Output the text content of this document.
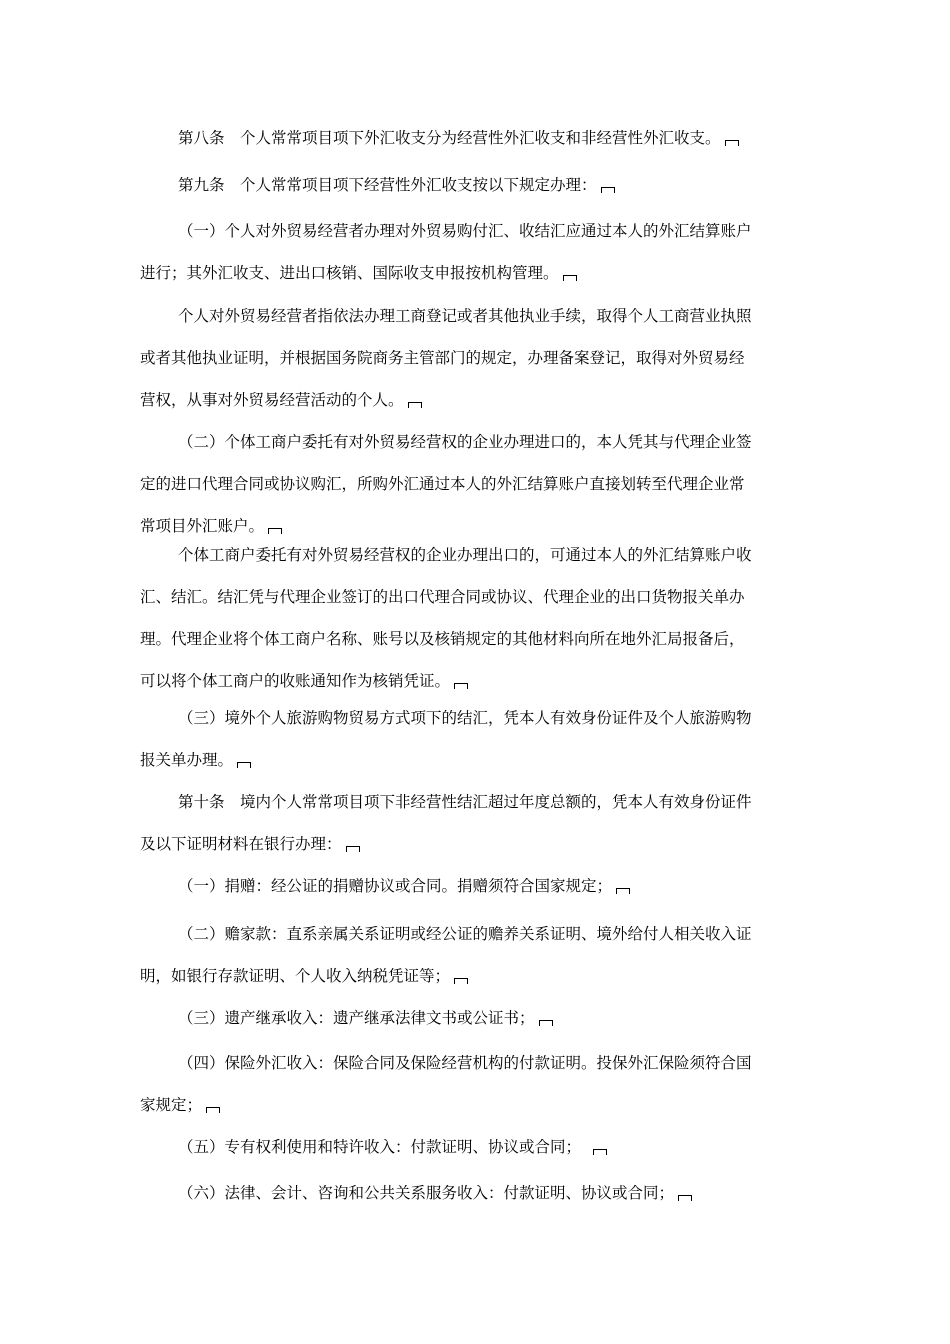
第八条　个人常常项目项下外汇收支分为经营性外汇收支和非经营性外汇收支。
第九条　个人常常项目项下经营性外汇收支按以下规定办理：
（一）个人对外贸易经营者办理对外贸易购付汇、收结汇应通过本人的外汇结算账户
进行；其外汇收支、进出口核销、国际收支申报按机构管理。
个人对外贸易经营者指依法办理工商登记或者其他执业手续，取得个人工商营业执照
或者其他执业证明，并根据国务院商务主管部门的规定，办理备案登记，取得对外贸易经
营权，从事对外贸易经营活动的个人。
（二）个体工商户委托有对外贸易经营权的企业办理进口的，本人凭其与代理企业签
定的进口代理合同或协议购汇，所购外汇通过本人的外汇结算账户直接划转至代理企业常
常项目外汇账户。
个体工商户委托有对外贸易经营权的企业办理出口的，可通过本人的外汇结算账户收
汇、结汇。结汇凭与代理企业签订的出口代理合同或协议、代理企业的出口货物报关单办
理。代理企业将个体工商户名称、账号以及核销规定的其他材料向所在地外汇局报备后，
可以将个体工商户的收账通知作为核销凭证。
（三）境外个人旅游购物贸易方式项下的结汇，凭本人有效身份证件及个人旅游购物
报关单办理。
第十条　境内个人常常项目项下非经营性结汇超过年度总额的，凭本人有效身份证件
及以下证明材料在银行办理：
（一）捐赠：经公证的捐赠协议或合同。捐赠须符合国家规定；
（二）赡家款：直系亲属关系证明或经公证的赡养关系证明、境外给付人相关收入证
明，如银行存款证明、个人收入纳税凭证等；
（三）遗产继承收入：遗产继承法律文书或公证书；
（四）保险外汇收入：保险合同及保险经营机构的付款证明。投保外汇保险须符合国
家规定；
（五）专有权利使用和特许收入：付款证明、协议或合同；　
（六）法律、会计、咨询和公共关系服务收入：付款证明、协议或合同；
